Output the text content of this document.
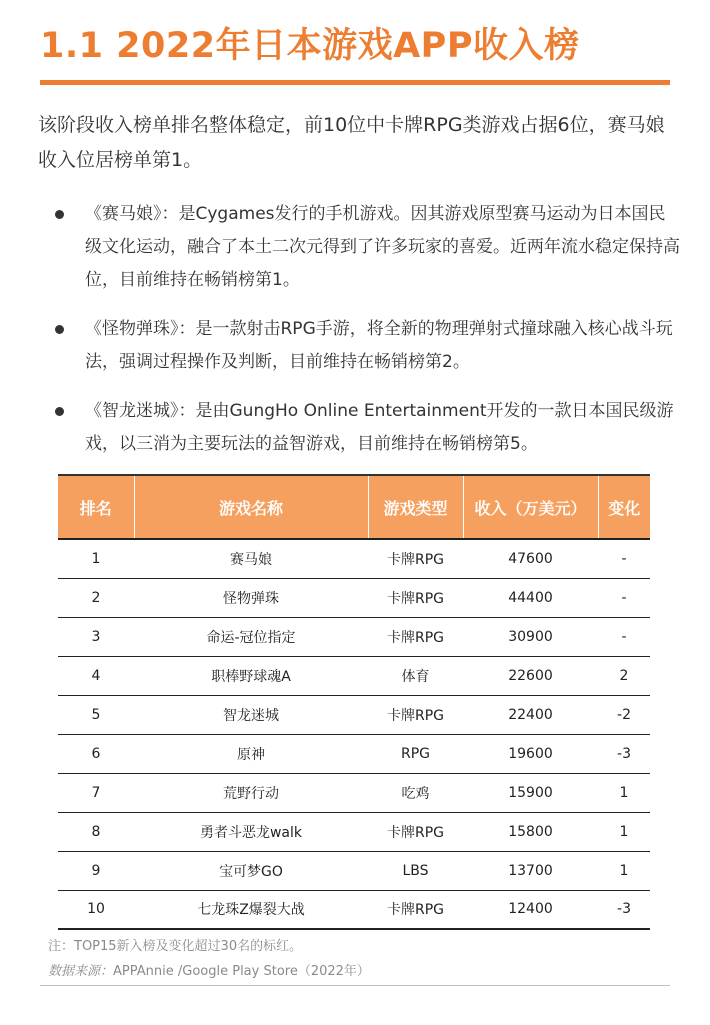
1.1 2022年日本游戏APP收入榜

该阶段收入榜单排名整体稳定，前10位中卡牌RPG类游戏占据6位，赛马娘收入位居榜单第1。

《赛马娘》：是Cygames发行的手机游戏。因其游戏原型赛马运动为日本国民级文化运动，融合了本土二次元得到了许多玩家的喜爱。近两年流水稳定保持高位，目前维持在畅销榜第1。
《怪物弹珠》：是一款射击RPG手游，将全新的物理弹射式撞球融入核心战斗玩法，强调过程操作及判断，目前维持在畅销榜第2。
《智龙迷城》：是由GungHo Online Entertainment开发的一款日本国民级游戏，以三消为主要玩法的益智游戏，目前维持在畅销榜第5。
排名	游戏名称	游戏类型	收入（万美元）	变化
1	赛马娘	卡牌RPG	47600	-
2	怪物弹珠	卡牌RPG	44400	-
3	命运-冠位指定	卡牌RPG	30900	-
4	职棒野球魂A	体育	22600	2
5	智龙迷城	卡牌RPG	22400	-2
6	原神	RPG	19600	-3
7	荒野行动	吃鸡	15900	1
8	勇者斗恶龙walk	卡牌RPG	15800	1
9	宝可梦GO	LBS	13700	1
10	七龙珠Z爆裂大战	卡牌RPG	12400	-3
注：TOP15新入榜及变化超过30名的标红。
数据来源：APPAnnie /Google Play Store（2022年）
